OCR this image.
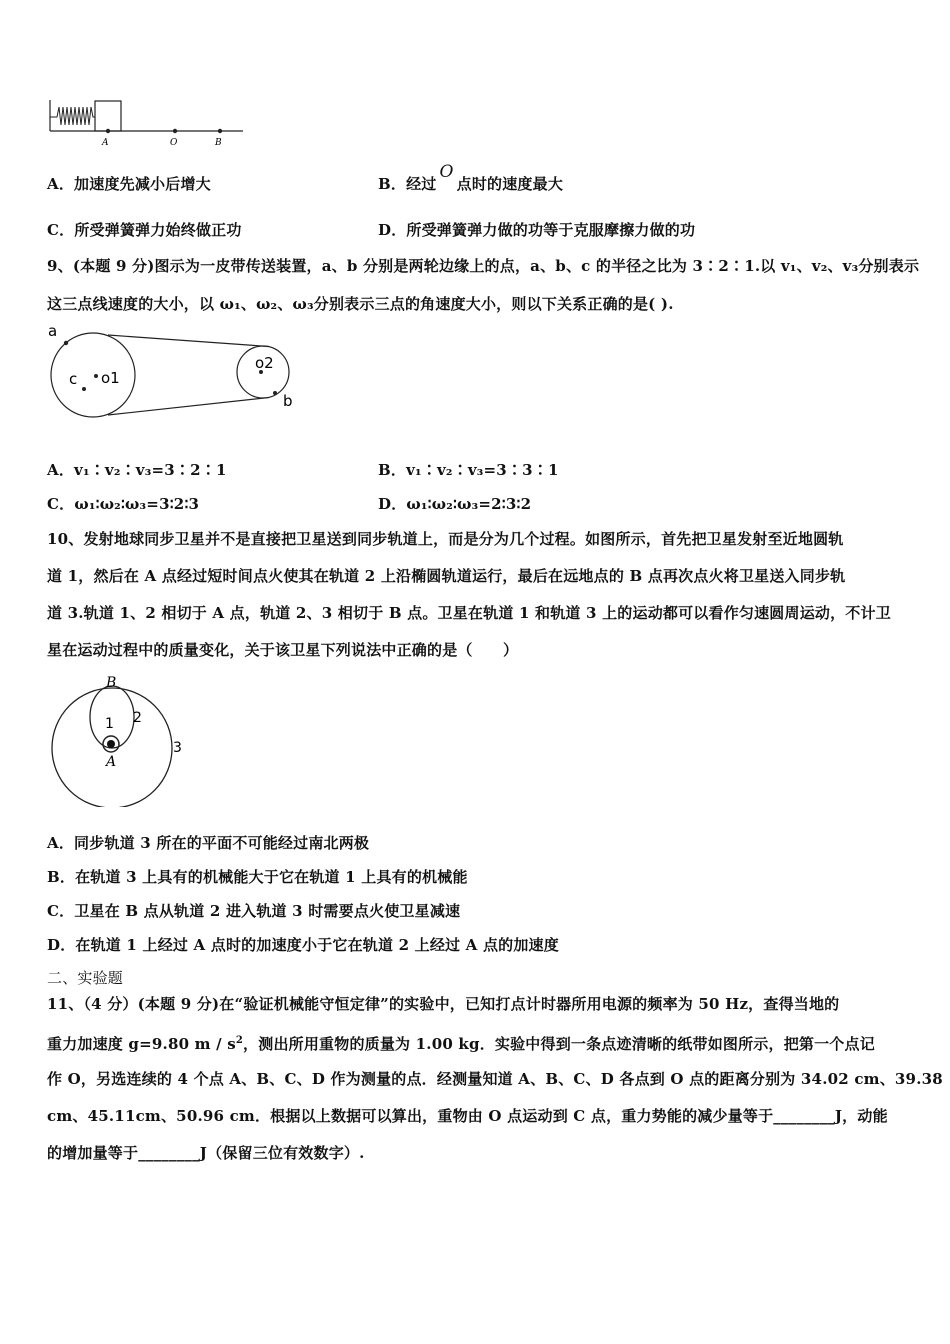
A	O	B
A．加速度先减小后增大	B．经过O点时的速度最大
C．所受弹簧弹力始终做正功	D．所受弹簧弹力做的功等于克服摩擦力做的功
9、(本题 9 分)图示为一皮带传送装置，a、b 分别是两轮边缘上的点，a、b、c 的半径之比为 3∶2∶1.以 v₁、v₂、v₃分别表示
这三点线速度的大小，以 ω₁、ω₂、ω₃分别表示三点的角速度大小，则以下关系正确的是( ).
a
c o1
o2
b
A．v₁∶v₂∶v₃=3∶2∶1	B．v₁∶v₂∶v₃=3∶3∶1
C．ω₁∶ω₂∶ω₃=3∶2∶3	D．ω₁∶ω₂∶ω₃=2∶3∶2
10、发射地球同步卫星并不是直接把卫星送到同步轨道上，而是分为几个过程。如图所示，首先把卫星发射至近地圆轨
道 1，然后在 A 点经过短时间点火使其在轨道 2 上沿椭圆轨道运行，最后在远地点的 B 点再次点火将卫星送入同步轨
道 3.轨道 1、2 相切于 A 点，轨道 2、3 相切于 B 点。卫星在轨道 1 和轨道 3 上的运动都可以看作匀速圆周运动，不计卫
星在运动过程中的质量变化，关于该卫星下列说法中正确的是（　　）
B
1 2
3
A
A．同步轨道 3 所在的平面不可能经过南北两极
B．在轨道 3 上具有的机械能大于它在轨道 1 上具有的机械能
C．卫星在 B 点从轨道 2 进入轨道 3 时需要点火使卫星减速
D．在轨道 1 上经过 A 点时的加速度小于它在轨道 2 上经过 A 点的加速度
二、实验题
11、（4 分）(本题 9 分)在“验证机械能守恒定律”的实验中，已知打点计时器所用电源的频率为 50 Hz，查得当地的
重力加速度 g=9.80 m / $s^2$，测出所用重物的质量为 1.00 kg．实验中得到一条点迹清晰的纸带如图所示，把第一个点记
作 O，另选连续的 4 个点 A、B、C、D 作为测量的点．经测量知道 A、B、C、D 各点到 O 点的距离分别为 34.02 cm、39.38
cm、45.11cm、50.96 cm．根据以上数据可以算出，重物由 O 点运动到 C 点，重力势能的减少量等于________J，动能
的增加量等于________J（保留三位有效数字）.
